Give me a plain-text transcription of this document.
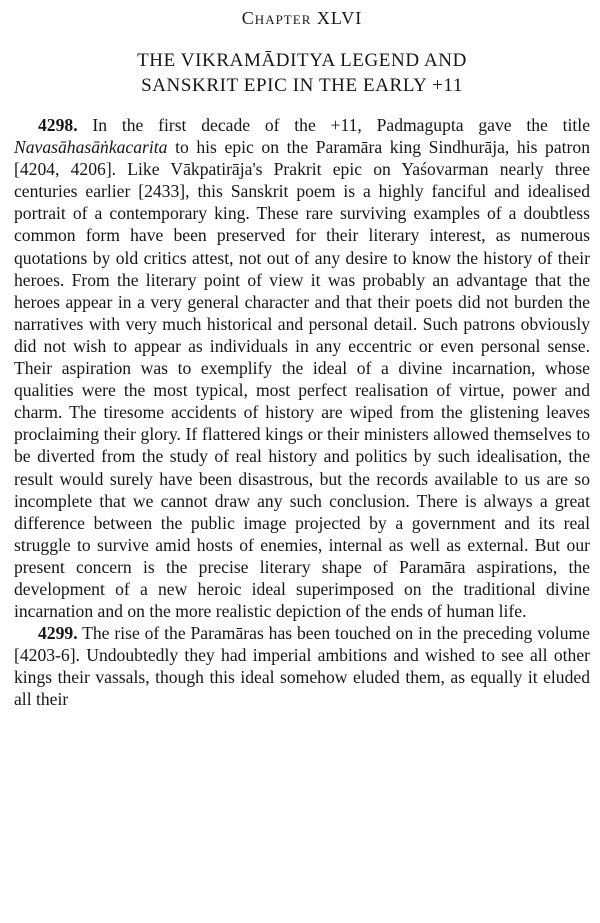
Chapter XLVI
THE VIKRAMĀDITYA LEGEND AND
SANSKRIT EPIC IN THE EARLY +11

4298. In the first decade of the +11, Padmagupta gave the title Navasāhasāṅkacarita to his epic on the Paramāra king Sindhurāja, his patron [4204, 4206]. Like Vākpatirāja's Prakrit epic on Yaśovarman nearly three centuries earlier [2433], this Sanskrit poem is a highly fanciful and idealised portrait of a contemporary king. These rare surviving examples of a doubtless common form have been preserved for their literary interest, as numerous quotations by old critics attest, not out of any desire to know the history of their heroes. From the literary point of view it was probably an advantage that the heroes appear in a very general character and that their poets did not burden the narratives with very much historical and personal detail. Such patrons obviously did not wish to appear as individuals in any eccentric or even personal sense. Their aspiration was to exemplify the ideal of a divine incarnation, whose qualities were the most typical, most perfect realisation of virtue, power and charm. The tiresome accidents of history are wiped from the glistening leaves proclaiming their glory. If flattered kings or their ministers allowed themselves to be diverted from the study of real history and politics by such idealisation, the result would surely have been disastrous, but the records available to us are so incomplete that we cannot draw any such conclusion. There is always a great difference between the public image projected by a government and its real struggle to survive amid hosts of enemies, internal as well as external. But our present concern is the precise literary shape of Paramāra aspirations, the development of a new heroic ideal superimposed on the traditional divine incarnation and on the more realistic depiction of the ends of human life.

4299. The rise of the Paramāras has been touched on in the preceding volume [4203-6]. Undoubtedly they had imperial ambitions and wished to see all other kings their vassals, though this ideal somehow eluded them, as equally it eluded all their
